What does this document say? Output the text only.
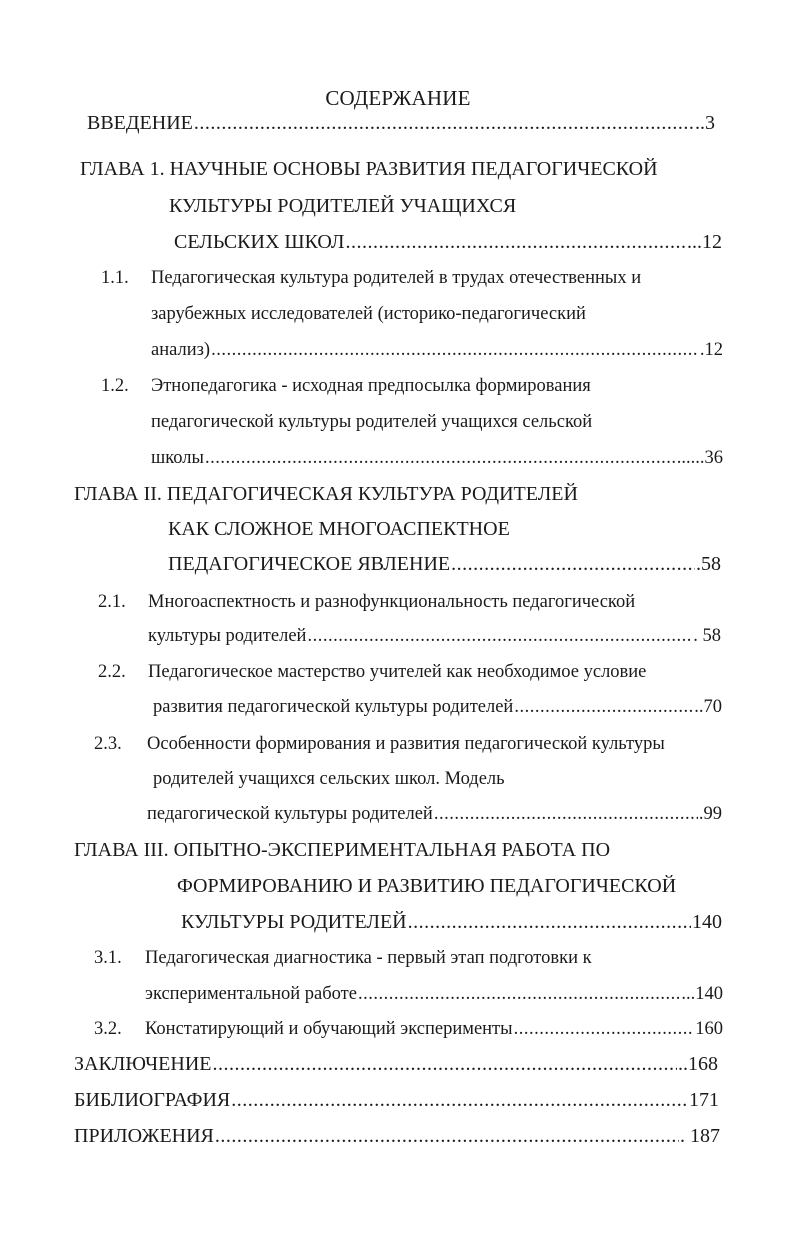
СОДЕРЖАНИЕ
ВВЕДЕНИЕ .....	..3
ГЛАВА 1. НАУЧНЫЕ ОСНОВЫ РАЗВИТИЯ ПЕДАГОГИЧЕСКОЙ
КУЛЬТУРЫ РОДИТЕЛЕЙ УЧАЩИХСЯ
СЕЛЬСКИХ ШКОЛ .....	...12
1.1. Педагогическая культура родителей в трудах отечественных и
зарубежных исследователей (историко-педагогический
анализ) .....	.12
1.2. Этнопедагогика - исходная предпосылка формирования
педагогической культуры родителей учащихся сельской
школы .....	......36
ГЛАВА II. ПЕДАГОГИЧЕСКАЯ КУЛЬТУРА РОДИТЕЛЕЙ
КАК СЛОЖНОЕ МНОГОАСПЕКТНОЕ
ПЕДАГОГИЧЕСКОЕ ЯВЛЕНИЕ .....	.58
2.1. Многоаспектность и разнофункциональность педагогической
культуры родителей .....	. 58
2.2. Педагогическое мастерство учителей как необходимое условие
развития педагогической культуры родителей .....	..70
2.3. Особенности формирования и развития педагогической культуры
родителей учащихся сельских школ. Модель
педагогической культуры родителей .....	.99
ГЛАВА III. ОПЫТНО-ЭКСПЕРИМЕНТАЛЬНАЯ РАБОТА ПО
ФОРМИРОВАНИЮ И РАЗВИТИЮ ПЕДАГОГИЧЕСКОЙ
КУЛЬТУРЫ РОДИТЕЛЕЙ .....	140
3.1. Педагогическая диагностика - первый этап подготовки к
экспериментальной работе .....	...140
3.2. Констатирующий и обучающий эксперименты .....	160
ЗАКЛЮЧЕНИЕ .....	..168
БИБЛИОГРАФИЯ .....	171
ПРИЛОЖЕНИЯ .....	. 187
